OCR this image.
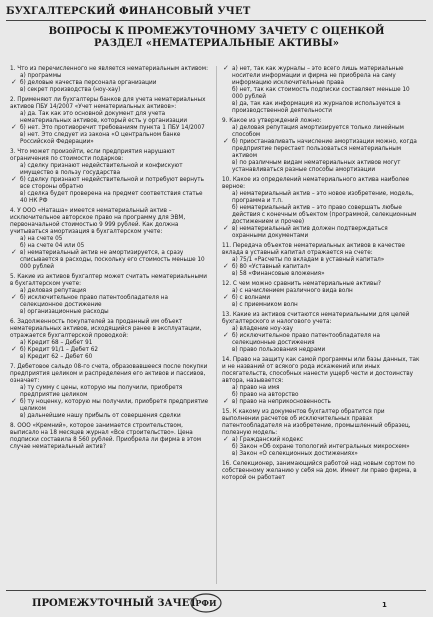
БУХГАЛТЕРСКИЙ ФИНАНСОВЫЙ УЧЕТ
ВОПРОСЫ К ПРОМЕЖУТОЧНОМУ ЗАЧЕТУ С ОЦЕНКОЙ
РАЗДЕЛ «НЕМАТЕРИАЛЬНЫЕ АКТИВЫ»
1. Что из перечисленного не является нематериальным активом:
а) программы
✓ б) деловые качества персонала организации
в) секрет производства (ноу-хау)
2. Применяют ли бухгалтеры банков для учета нематериальных активов ПБУ 14/2007 «Учет нематериальных активов»:
а) да. Так как это основной документ для учета нематериальных активов, который есть у организации
✓ б) нет. Это противоречит требованиям пункта 1 ПБУ 14/2007
в) нет. Это следует из закона «О центральном банке Российской Федерации»
3. Что может произойти, если предприятия нарушают ограничения по стоимости подарков:
а) сделку признают недействительной и конфискуют имущество в пользу государства
✓ б) сделку признают недействительной и потребуют вернуть все стороны обратно
в) сделка будет проверена на предмет соответствия статье 40 НК РФ
4. У ООО «Наташа» имеется нематериальный актив – исключительное авторское право на программу для ЭВМ, первоначальной стоимостью 9 999 рублей. Как должна учитываться амортизация в бухгалтерском учете:
а) на счете 05
б) на счете 04 или 05
✓ в) нематериальный актив не амортизируется, а сразу списывается в расходы, поскольку его стоимость меньше 10 000 рублей
5. Какие из активов бухгалтер может считать нематериальными в бухгалтерском учете:
а) деловая репутация
✓ б) исключительное право патентообладателя на селекционное достижение
в) организационные расходы
6. Задолженность покупателей за проданный им объект нематериальных активов, исходящийся ранее в эксплуатации, отражается бухгалтерской проводкой:
а) Кредит 68 – Дебет 91
✓ б) Кредит 91/1 – Дебет 62
в) Кредит 62 – Дебет 60
7. Дебетовое сальдо 08-го счета, образовавшееся после покупки предприятия целиком и распределения его активов и пассивов, означает:
а) ту сумму с цены, которую мы получили, приобретя предприятие целиком
✓ б) ту ноценку, которую мы получили, приобретя предприятие целиком
в) дальнейшие нашу прибыль от совершения сделки
8. ООО «Кремний», которое занимается строительством, выписало на 18 месяцев журнал «Все строительство». Цена подписки составила 8 560 рублей. Приобрела ли фирма в этом случае нематериальный актив?
✓ а) нет, так как журналы – это всего лишь материальные носители информации и фирма не приобрела на саму информацию исключительные права
б) нет, так как стоимость подписки составляет меньше 10 000 рублей
в) да, так как информация из журналов используется в производственной деятельности
9. Какое из утверждений ложно:
а) деловая репутация амортизируется только линейным способом
✓ б) приостанавливать начисление амортизации можно, когда предприятие перестает пользоваться нематериальным активом
в) по различным видам нематериальных активов могут устанавливаться разные способы амортизации
10. Какое из определений нематериального актива наиболее верное:
а) нематериальный актив – это новое изобретение, модель, программа и т.п.
б) нематериальный актив – это право совершать любые действия с конечным объектом (программой, селекционным достижением и прочее)
✓ в) нематериальный актив должен подтверждаться охранными документами
11. Передача объектов нематериальных активов в качестве вклада в уставный капитал отражается на счете:
а) 75/1 «Расчеты по вкладам в уставный капитал»
✓ б) 80 «Уставный капитал»
в) 58 «Финансовые вложения»
12. С чем можно сравнить нематериальные активы?
а) с начислением различного вида волн
✓ б) с волнами
в) с приемником волн
13. Какие из активов считаются нематериальными для целей бухгалтерского и налогового учета:
а) владение ноу-хау
✓ б) исключительное право патентообладателя на селекционные достижения
в) право пользования недрами
14. Право на защиту как самой программы или базы данных, так и не названий от всякого рода искажений или иных посягательств, способных нанести ущерб чести и достоинству автора, называется:
а) право на имя
б) право на авторство
✓ в) право на неприкосновенность
15. К какому из документов бухгалтер обратится при выполнении расчетов об исключительных правах патентообладателя на изобретение, промышленный образец, полезную модель:
✓ а) Гражданский кодекс
б) Закон «Об охране топологий интегральных микросхем»
в) Закон «О селекционных достижениях»
16. Селекционер, занимающийся работой над новым сортом по собственному желанию у себя на дом. Имеет ли право фирма, в которой он работает
ПРОМЕЖУТОЧНЫЙ ЗАЧЕТ
РФИ	1
